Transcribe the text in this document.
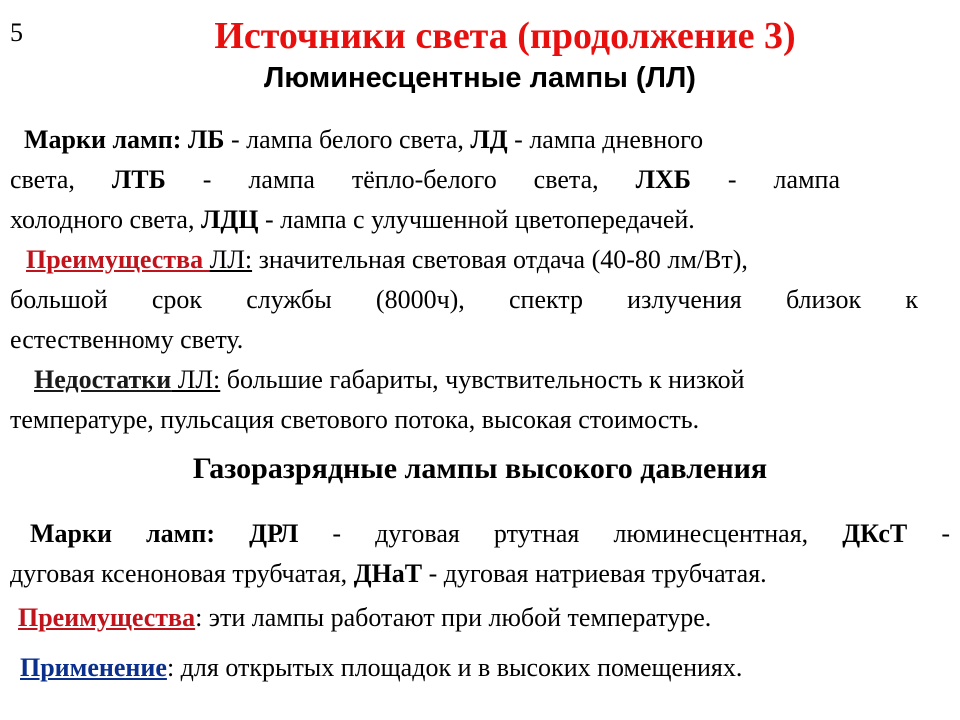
5	Источники света (продолжение 3)
Люминесцентные лампы (ЛЛ)
Марки ламп: ЛБ - лампа белого света, ЛД - лампа дневного
света, ЛТБ - лампа тёпло-белого света, ЛХБ - лампа
холодного света, ЛДЦ - лампа с улучшенной цветопередачей.
Преимущества ЛЛ: значительная световая отдача (40-80 лм/Вт),
большой срок службы (8000ч), спектр излучения близок к
естественному свету.
Недостатки ЛЛ: большие габариты, чувствительность к низкой
температуре, пульсация светового потока, высокая стоимость.
Газоразрядные лампы высокого давления
Марки ламп: ДРЛ - дуговая ртутная люминесцентная, ДКсТ -
дуговая ксеноновая трубчатая, ДНаТ - дуговая натриевая трубчатая.
Преимущества: эти лампы работают при любой температуре.
Применение: для открытых площадок и в высоких помещениях.
